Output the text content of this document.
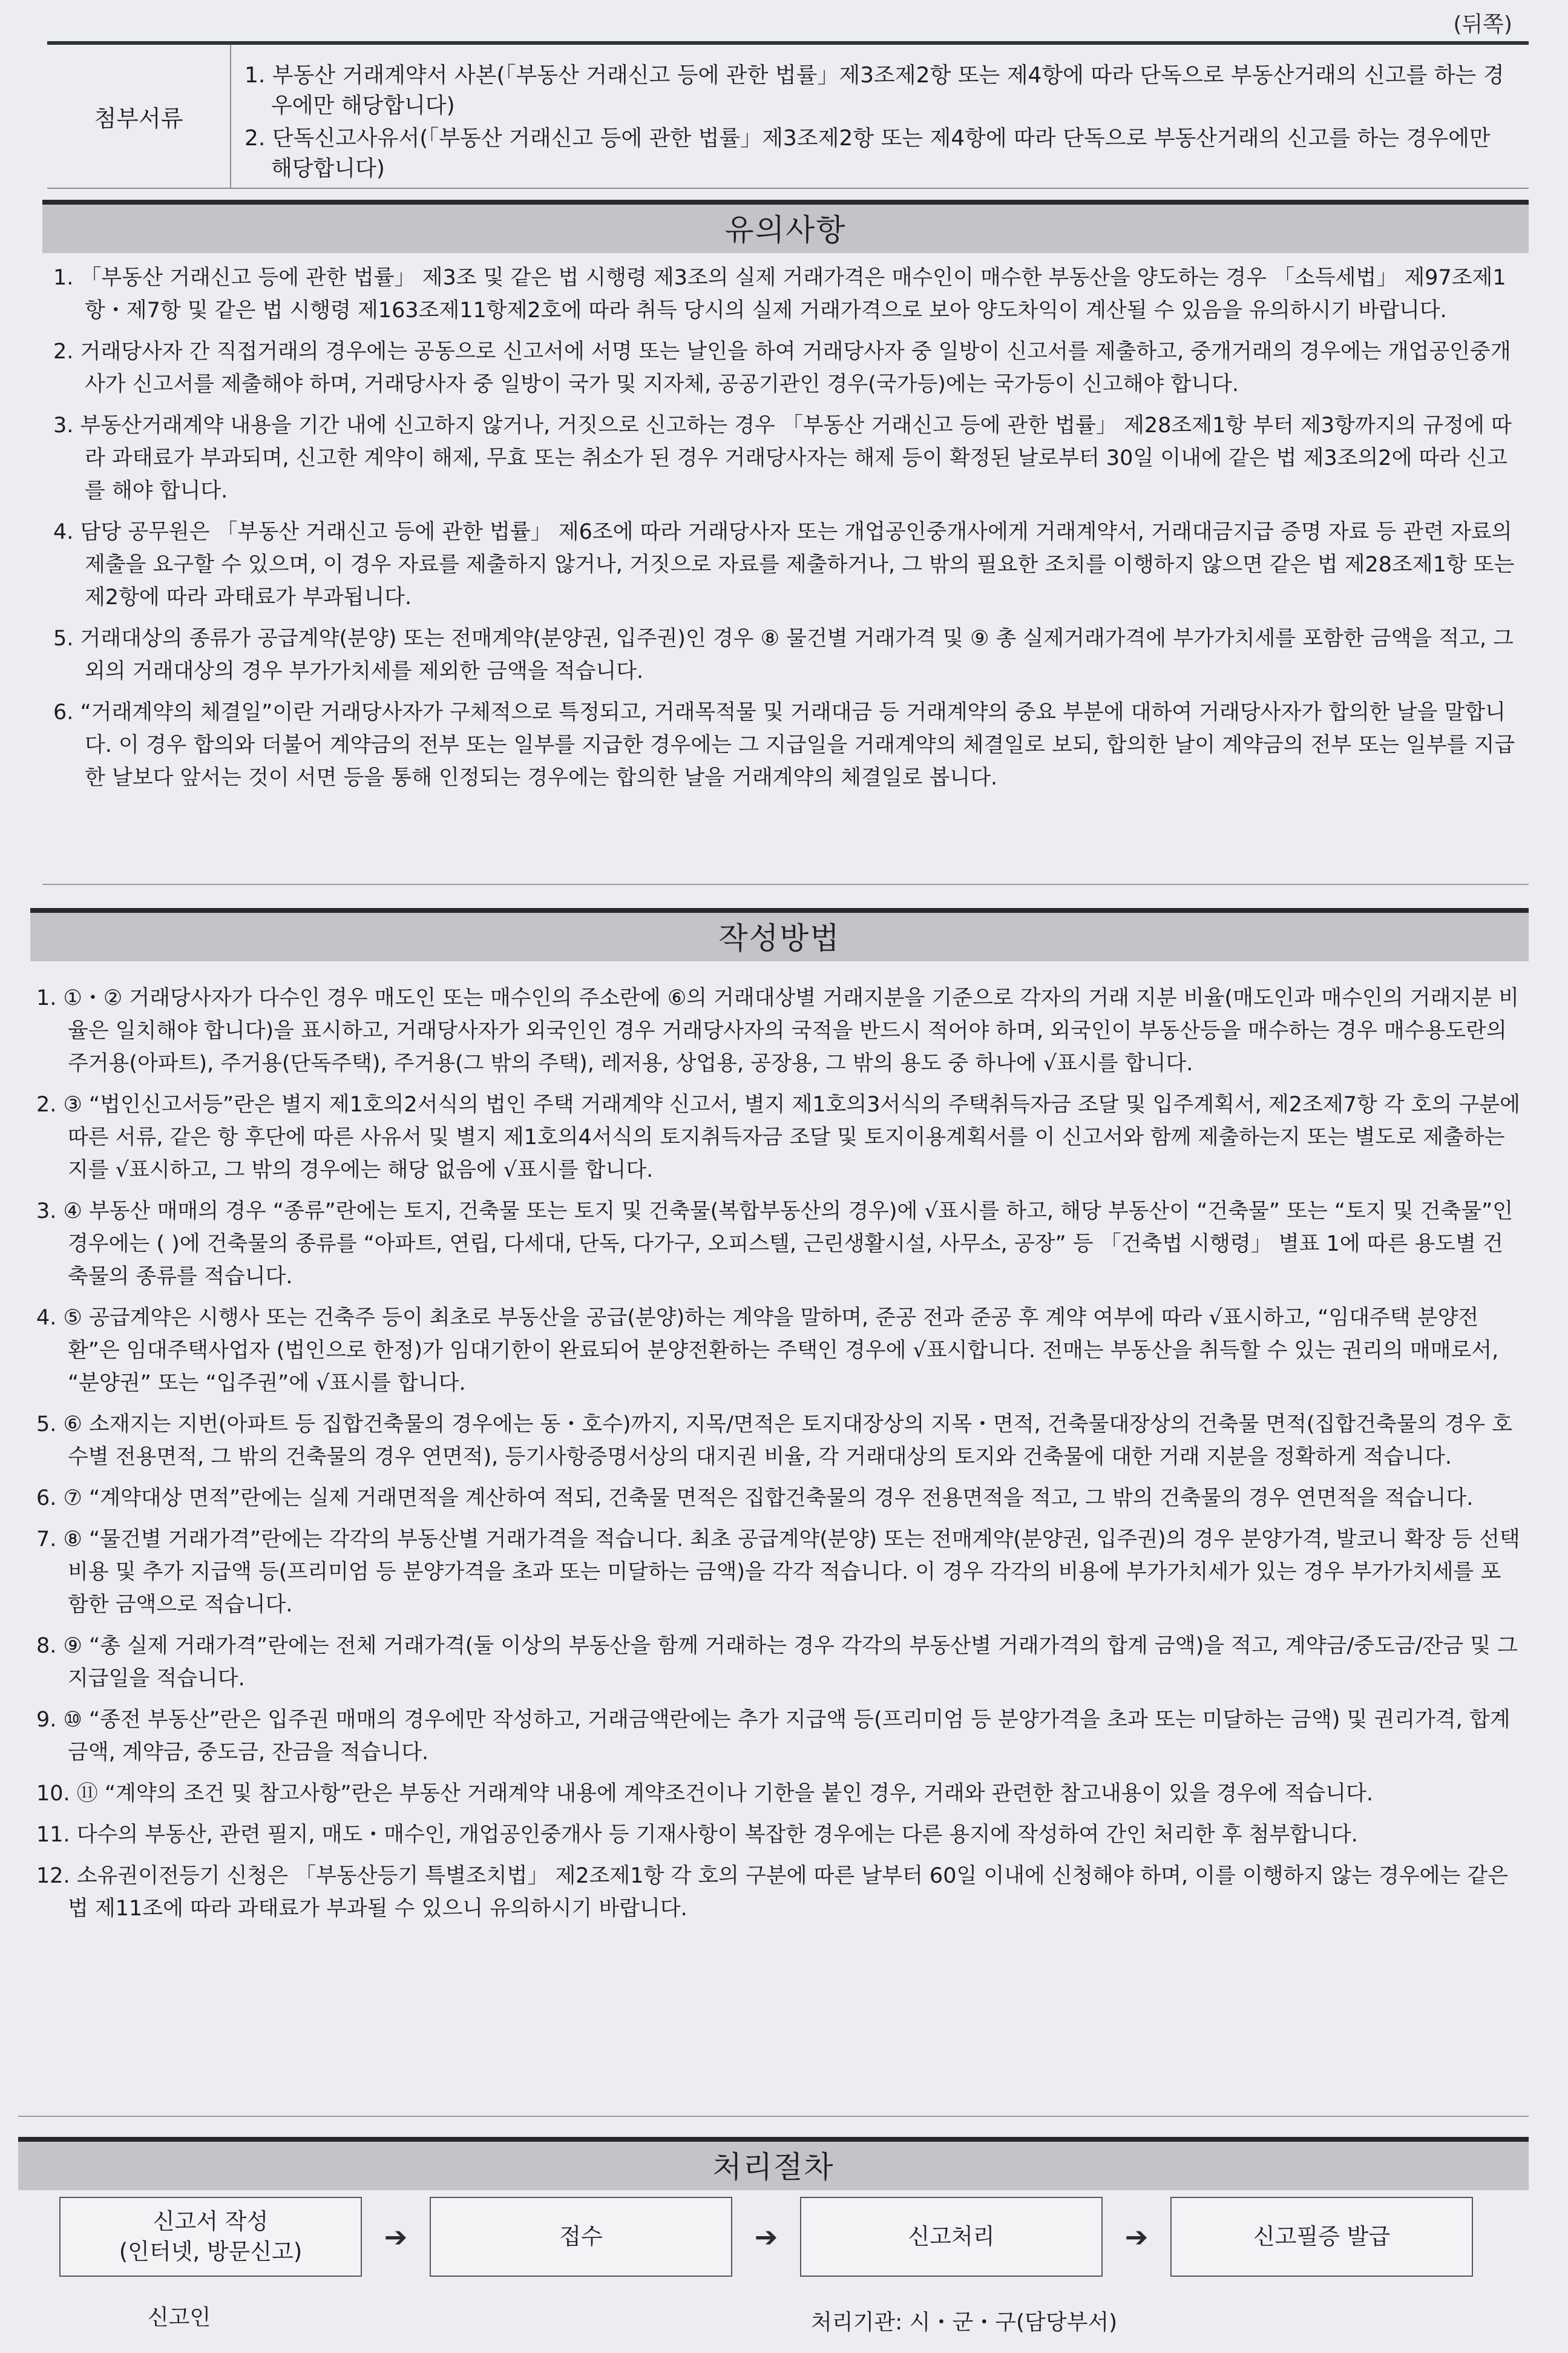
(뒤쪽)
첨부서류

1. 부동산 거래계약서 사본(「부동산 거래신고 등에 관한 법률」제3조제2항 또는 제4항에 따라 단독으로 부동산거래의 신고를 하는 경우에만 해당합니다)

2. 단독신고사유서(「부동산 거래신고 등에 관한 법률」제3조제2항 또는 제4항에 따라 단독으로 부동산거래의 신고를 하는 경우에만 해당합니다)

유의사항
1. 「부동산 거래신고 등에 관한 법률」 제3조 및 같은 법 시행령 제3조의 실제 거래가격은 매수인이 매수한 부동산을 양도하는 경우 「소득세법」 제97조제1항・제7항 및 같은 법 시행령 제163조제11항제2호에 따라 취득 당시의 실제 거래가격으로 보아 양도차익이 계산될 수 있음을 유의하시기 바랍니다.
2. 거래당사자 간 직접거래의 경우에는 공동으로 신고서에 서명 또는 날인을 하여 거래당사자 중 일방이 신고서를 제출하고, 중개거래의 경우에는 개업공인중개사가 신고서를 제출해야 하며, 거래당사자 중 일방이 국가 및 지자체, 공공기관인 경우(국가등)에는 국가등이 신고해야 합니다.
3. 부동산거래계약 내용을 기간 내에 신고하지 않거나, 거짓으로 신고하는 경우 「부동산 거래신고 등에 관한 법률」 제28조제1항 부터 제3항까지의 규정에 따라 과태료가 부과되며, 신고한 계약이 해제, 무효 또는 취소가 된 경우 거래당사자는 해제 등이 확정된 날로부터 30일 이내에 같은 법 제3조의2에 따라 신고를 해야 합니다.
4. 담당 공무원은 「부동산 거래신고 등에 관한 법률」 제6조에 따라 거래당사자 또는 개업공인중개사에게 거래계약서, 거래대금지급 증명 자료 등 관련 자료의 제출을 요구할 수 있으며, 이 경우 자료를 제출하지 않거나, 거짓으로 자료를 제출하거나, 그 밖의 필요한 조치를 이행하지 않으면 같은 법 제28조제1항 또는 제2항에 따라 과태료가 부과됩니다.
5. 거래대상의 종류가 공급계약(분양) 또는 전매계약(분양권, 입주권)인 경우 ⑧ 물건별 거래가격 및 ⑨ 총 실제거래가격에 부가가치세를 포함한 금액을 적고, 그 외의 거래대상의 경우 부가가치세를 제외한 금액을 적습니다.
6. “거래계약의 체결일”이란 거래당사자가 구체적으로 특정되고, 거래목적물 및 거래대금 등 거래계약의 중요 부분에 대하여 거래당사자가 합의한 날을 말합니다. 이 경우 합의와 더불어 계약금의 전부 또는 일부를 지급한 경우에는 그 지급일을 거래계약의 체결일로 보되, 합의한 날이 계약금의 전부 또는 일부를 지급한 날보다 앞서는 것이 서면 등을 통해 인정되는 경우에는 합의한 날을 거래계약의 체결일로 봅니다.
작성방법
1. ①・② 거래당사자가 다수인 경우 매도인 또는 매수인의 주소란에 ⑥의 거래대상별 거래지분을 기준으로 각자의 거래 지분 비율(매도인과 매수인의 거래지분 비율은 일치해야 합니다)을 표시하고, 거래당사자가 외국인인 경우 거래당사자의 국적을 반드시 적어야 하며, 외국인이 부동산등을 매수하는 경우 매수용도란의 주거용(아파트), 주거용(단독주택), 주거용(그 밖의 주택), 레저용, 상업용, 공장용, 그 밖의 용도 중 하나에 √표시를 합니다.
2. ③ “법인신고서등”란은 별지 제1호의2서식의 법인 주택 거래계약 신고서, 별지 제1호의3서식의 주택취득자금 조달 및 입주계획서, 제2조제7항 각 호의 구분에 따른 서류, 같은 항 후단에 따른 사유서 및 별지 제1호의4서식의 토지취득자금 조달 및 토지이용계획서를 이 신고서와 함께 제출하는지 또는 별도로 제출하는지를 √표시하고, 그 밖의 경우에는 해당 없음에 √표시를 합니다.
3. ④ 부동산 매매의 경우 “종류”란에는 토지, 건축물 또는 토지 및 건축물(복합부동산의 경우)에 √표시를 하고, 해당 부동산이 “건축물” 또는 “토지 및 건축물”인 경우에는 ( )에 건축물의 종류를 “아파트, 연립, 다세대, 단독, 다가구, 오피스텔, 근린생활시설, 사무소, 공장” 등 「건축법 시행령」 별표 1에 따른 용도별 건축물의 종류를 적습니다.
4. ⑤ 공급계약은 시행사 또는 건축주 등이 최초로 부동산을 공급(분양)하는 계약을 말하며, 준공 전과 준공 후 계약 여부에 따라 √표시하고, “임대주택 분양전환”은 임대주택사업자 (법인으로 한정)가 임대기한이 완료되어 분양전환하는 주택인 경우에 √표시합니다. 전매는 부동산을 취득할 수 있는 권리의 매매로서, “분양권” 또는 “입주권”에 √표시를 합니다.
5. ⑥ 소재지는 지번(아파트 등 집합건축물의 경우에는 동・호수)까지, 지목/면적은 토지대장상의 지목・면적, 건축물대장상의 건축물 면적(집합건축물의 경우 호수별 전용면적, 그 밖의 건축물의 경우 연면적), 등기사항증명서상의 대지권 비율, 각 거래대상의 토지와 건축물에 대한 거래 지분을 정확하게 적습니다.
6. ⑦ “계약대상 면적”란에는 실제 거래면적을 계산하여 적되, 건축물 면적은 집합건축물의 경우 전용면적을 적고, 그 밖의 건축물의 경우 연면적을 적습니다.
7. ⑧ “물건별 거래가격”란에는 각각의 부동산별 거래가격을 적습니다. 최초 공급계약(분양) 또는 전매계약(분양권, 입주권)의 경우 분양가격, 발코니 확장 등 선택비용 및 추가 지급액 등(프리미엄 등 분양가격을 초과 또는 미달하는 금액)을 각각 적습니다. 이 경우 각각의 비용에 부가가치세가 있는 경우 부가가치세를 포함한 금액으로 적습니다.
8. ⑨ “총 실제 거래가격”란에는 전체 거래가격(둘 이상의 부동산을 함께 거래하는 경우 각각의 부동산별 거래가격의 합계 금액)을 적고, 계약금/중도금/잔금 및 그 지급일을 적습니다.
9. ⑩ “종전 부동산”란은 입주권 매매의 경우에만 작성하고, 거래금액란에는 추가 지급액 등(프리미엄 등 분양가격을 초과 또는 미달하는 금액) 및 권리가격, 합계 금액, 계약금, 중도금, 잔금을 적습니다.
10. ⑪ “계약의 조건 및 참고사항”란은 부동산 거래계약 내용에 계약조건이나 기한을 붙인 경우, 거래와 관련한 참고내용이 있을 경우에 적습니다.
11. 다수의 부동산, 관련 필지, 매도・매수인, 개업공인중개사 등 기재사항이 복잡한 경우에는 다른 용지에 작성하여 간인 처리한 후 첨부합니다.
12. 소유권이전등기 신청은 「부동산등기 특별조치법」 제2조제1항 각 호의 구분에 따른 날부터 60일 이내에 신청해야 하며, 이를 이행하지 않는 경우에는 같은 법 제11조에 따라 과태료가 부과될 수 있으니 유의하시기 바랍니다.
처리절차
신고서 작성
(인터넷, 방문신고)	➔	접수	➔	신고처리	➔	신고필증 발급
신고인	처리기관: 시・군・구(담당부서)
